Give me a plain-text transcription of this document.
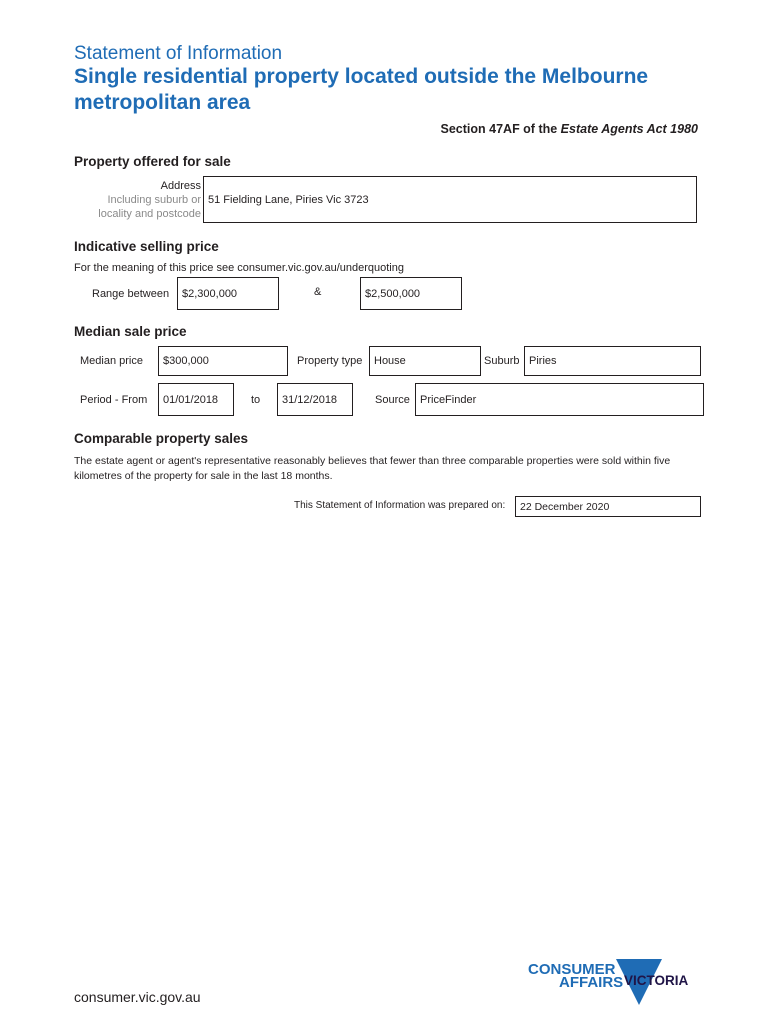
Statement of Information
Single residential property located outside the Melbourne metropolitan area
Section 47AF of the Estate Agents Act 1980
Property offered for sale
Address
Including suburb or
locality and postcode
51 Fielding Lane, Piries Vic 3723
Indicative selling price
For the meaning of this price see consumer.vic.gov.au/underquoting
Range between $2,300,000	&	$2,500,000
Median sale price
Median price $300,000	Property type House	Suburb Piries
Period - From 01/01/2018	to 31/12/2018	Source PriceFinder
Comparable property sales
The estate agent or agent's representative reasonably believes that fewer than three comparable properties were sold within five kilometres of the property for sale in the last 18 months.
This Statement of Information was prepared on: 22 December 2020
consumer.vic.gov.au
CONSUMER
AFFAIRS VICTORIA
